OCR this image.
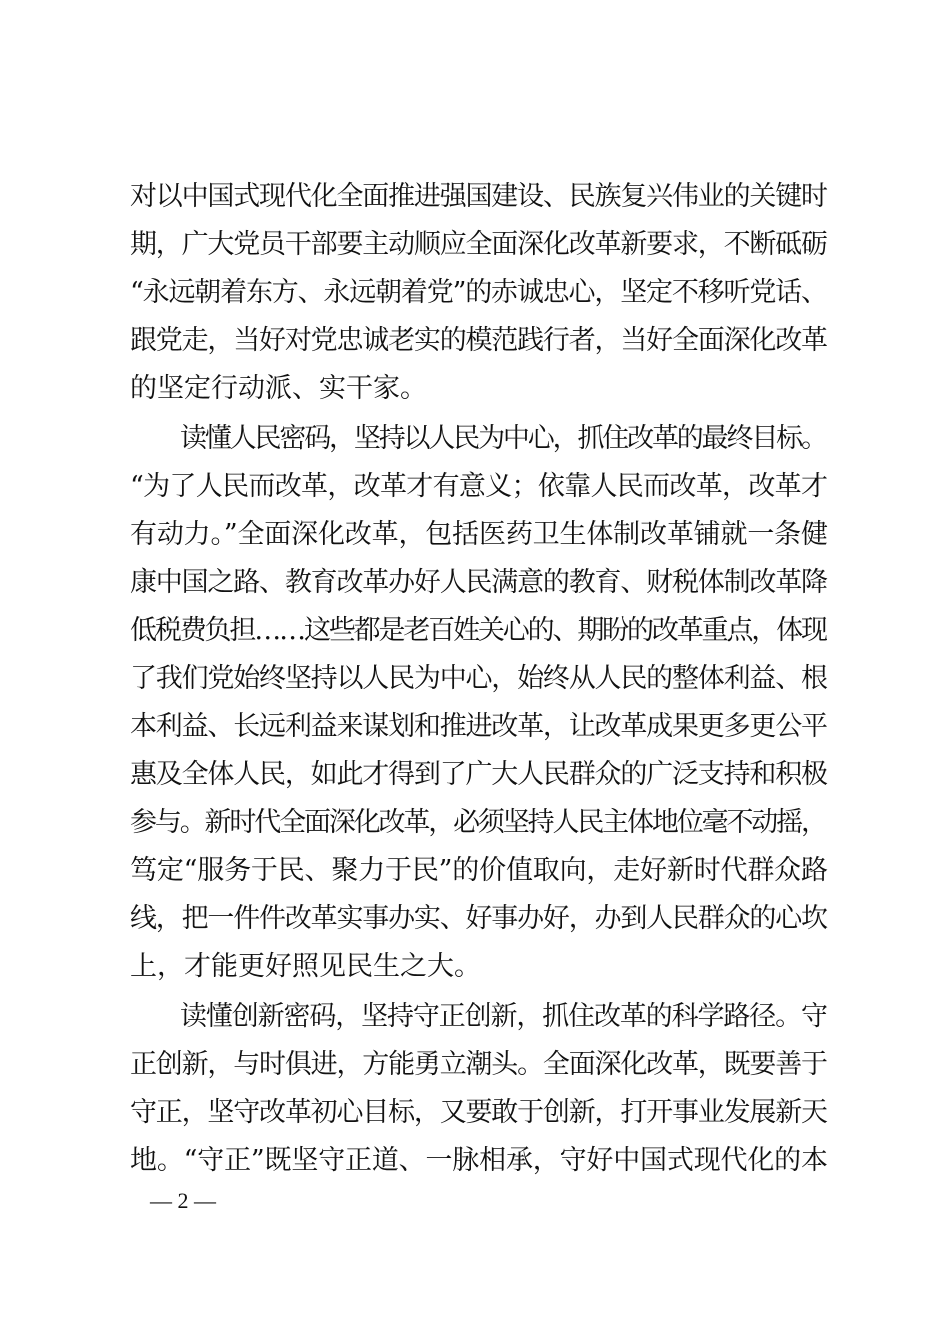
对以中国式现代化全面推进强国建设、民族复兴伟业的关键时
期，广大党员干部要主动顺应全面深化改革新要求，不断砥砺
“永远朝着东方、永远朝着党”的赤诚忠心，坚定不移听党话、
跟党走，当好对党忠诚老实的模范践行者，当好全面深化改革
的坚定行动派、实干家。
读懂人民密码，坚持以人民为中心，抓住改革的最终目标。
“为了人民而改革，改革才有意义；依靠人民而改革，改革才
有动力。”全面深化改革，包括医药卫生体制改革铺就一条健
康中国之路、教育改革办好人民满意的教育、财税体制改革降
低税费负担……这些都是老百姓关心的、期盼的改革重点，体现
了我们党始终坚持以人民为中心，始终从人民的整体利益、根
本利益、长远利益来谋划和推进改革，让改革成果更多更公平
惠及全体人民，如此才得到了广大人民群众的广泛支持和积极
参与。新时代全面深化改革，必须坚持人民主体地位毫不动摇，
笃定“服务于民、聚力于民”的价值取向，走好新时代群众路
线，把一件件改革实事办实、好事办好，办到人民群众的心坎
上，才能更好照见民生之大。
读懂创新密码，坚持守正创新，抓住改革的科学路径。守
正创新，与时俱进，方能勇立潮头。全面深化改革，既要善于
守正，坚守改革初心目标，又要敢于创新，打开事业发展新天
地。“守正”既坚守正道、一脉相承，守好中国式现代化的本
— 2 —
